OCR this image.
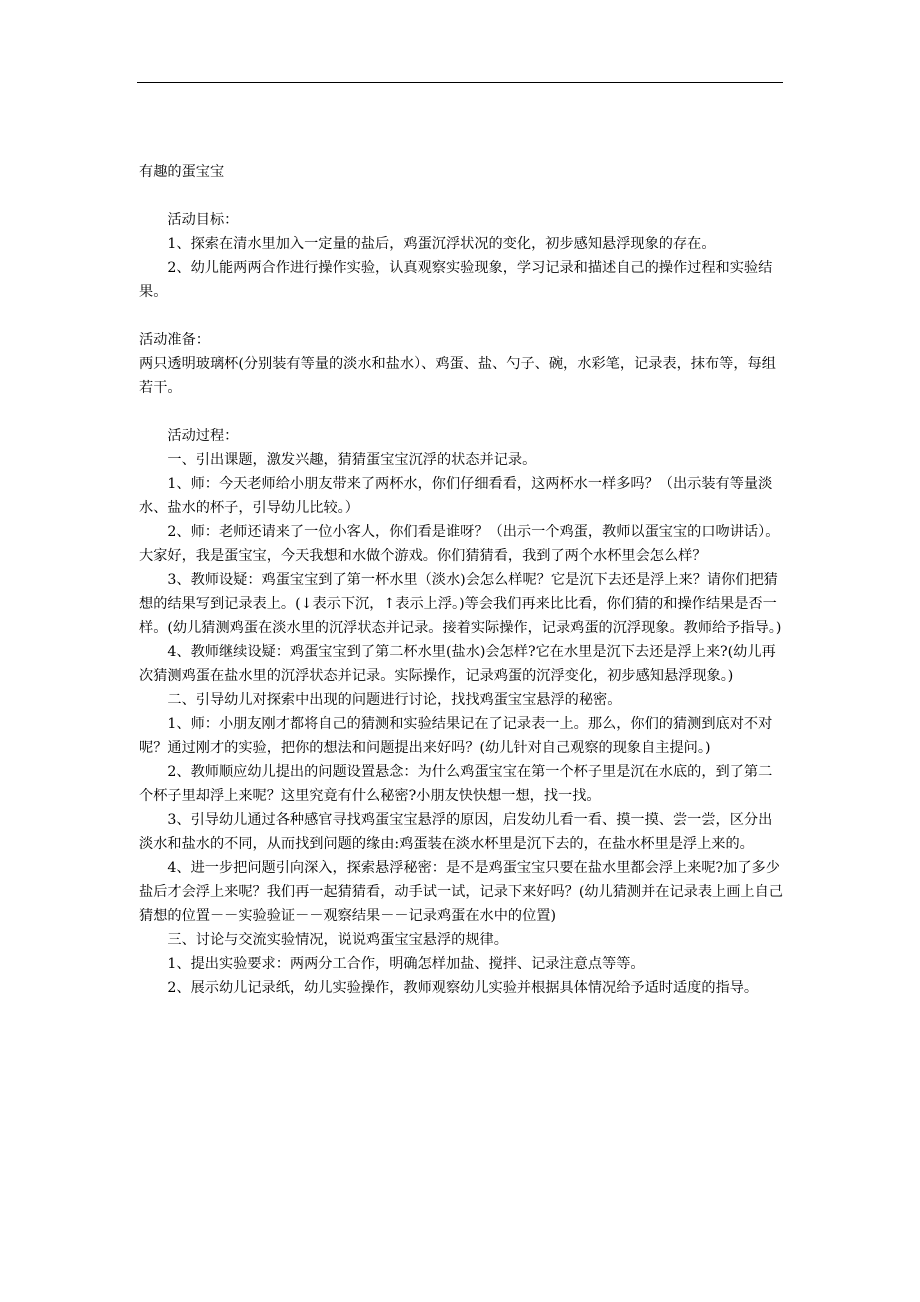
有趣的蛋宝宝

活动目标：

1、探索在清水里加入一定量的盐后，鸡蛋沉浮状况的变化，初步感知悬浮现象的存在。

2、幼儿能两两合作进行操作实验，认真观察实验现象，学习记录和描述自己的操作过程和实验结果。

活动准备：

两只透明玻璃杯(分别装有等量的淡水和盐水）、鸡蛋、盐、勺子、碗，水彩笔，记录表，抹布等，每组若干。

活动过程：

一、引出课题，激发兴趣，猜猜蛋宝宝沉浮的状态并记录。

1、师：今天老师给小朋友带来了两杯水，你们仔细看看，这两杯水一样多吗？（出示装有等量淡水、盐水的杯子，引导幼儿比较。）

2、师：老师还请来了一位小客人，你们看是谁呀？（出示一个鸡蛋，教师以蛋宝宝的口吻讲话）。大家好，我是蛋宝宝，今天我想和水做个游戏。你们猜猜看，我到了两个水杯里会怎么样？

3、教师设疑：鸡蛋宝宝到了第一杯水里（淡水)会怎么样呢？它是沉下去还是浮上来？请你们把猜想的结果写到记录表上。(↓表示下沉，↑表示上浮。)等会我们再来比比看，你们猜的和操作结果是否一样。(幼儿猜测鸡蛋在淡水里的沉浮状态并记录。接着实际操作，记录鸡蛋的沉浮现象。教师给予指导。)

4、教师继续设疑：鸡蛋宝宝到了第二杯水里(盐水)会怎样?它在水里是沉下去还是浮上来?(幼儿再次猜测鸡蛋在盐水里的沉浮状态并记录。实际操作，记录鸡蛋的沉浮变化，初步感知悬浮现象。)

二、引导幼儿对探索中出现的问题进行讨论，找找鸡蛋宝宝悬浮的秘密。

1、师：小朋友刚才都将自己的猜测和实验结果记在了记录表一上。那么，你们的猜测到底对不对呢？通过刚才的实验，把你的想法和问题提出来好吗？(幼儿针对自己观察的现象自主提问。)

2、教师顺应幼儿提出的问题设置悬念：为什么鸡蛋宝宝在第一个杯子里是沉在水底的，到了第二个杯子里却浮上来呢？这里究竟有什么秘密?小朋友快快想一想，找一找。

3、引导幼儿通过各种感官寻找鸡蛋宝宝悬浮的原因，启发幼儿看一看、摸一摸、尝一尝，区分出淡水和盐水的不同，从而找到问题的缘由:鸡蛋装在淡水杯里是沉下去的，在盐水杯里是浮上来的。

4、进一步把问题引向深入，探索悬浮秘密：是不是鸡蛋宝宝只要在盐水里都会浮上来呢?加了多少盐后才会浮上来呢？我们再一起猜猜看，动手试一试，记录下来好吗？(幼儿猜测并在记录表上画上自己猜想的位置－－实验验证－－观察结果－－记录鸡蛋在水中的位置)

三、讨论与交流实验情况，说说鸡蛋宝宝悬浮的规律。

1、提出实验要求：两两分工合作，明确怎样加盐、搅拌、记录注意点等等。

2、展示幼儿记录纸，幼儿实验操作，教师观察幼儿实验并根据具体情况给予适时适度的指导。
